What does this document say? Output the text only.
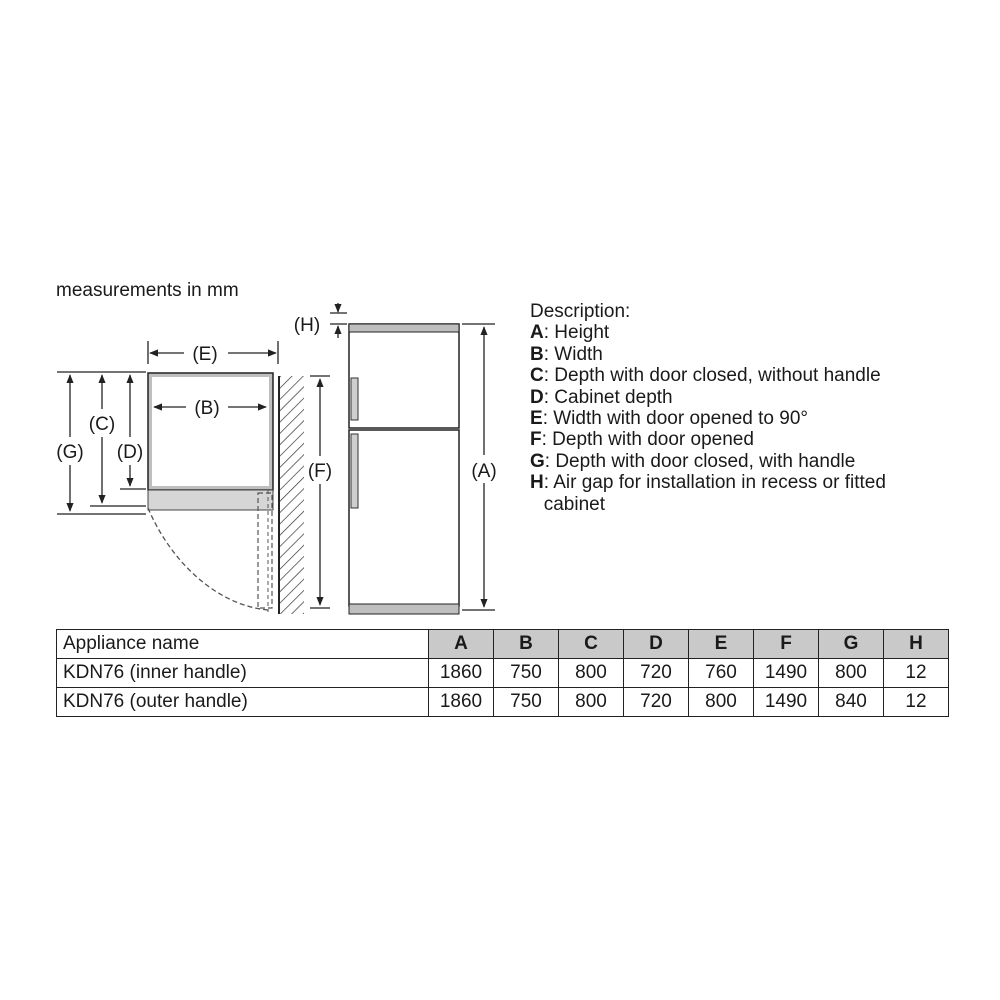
(E)
(B)
(G)
(C)
(D)
(F)
(H)
(A)
measurements in mm
Description:
A : Height
B : Width
C : Depth with door closed, without handle
D : Cabinet depth
E : Width with door opened to 90°
F : Depth with door opened
G : Depth with door closed, with handle
H : Air gap for installation in recess or fitted cabinet
Appliance name	A	B	C	D	E	F	G	H
KDN76 (inner handle)	1860	750	800	720	760	1490	800	12
KDN76 (outer handle)	1860	750	800	720	800	1490	840	12
